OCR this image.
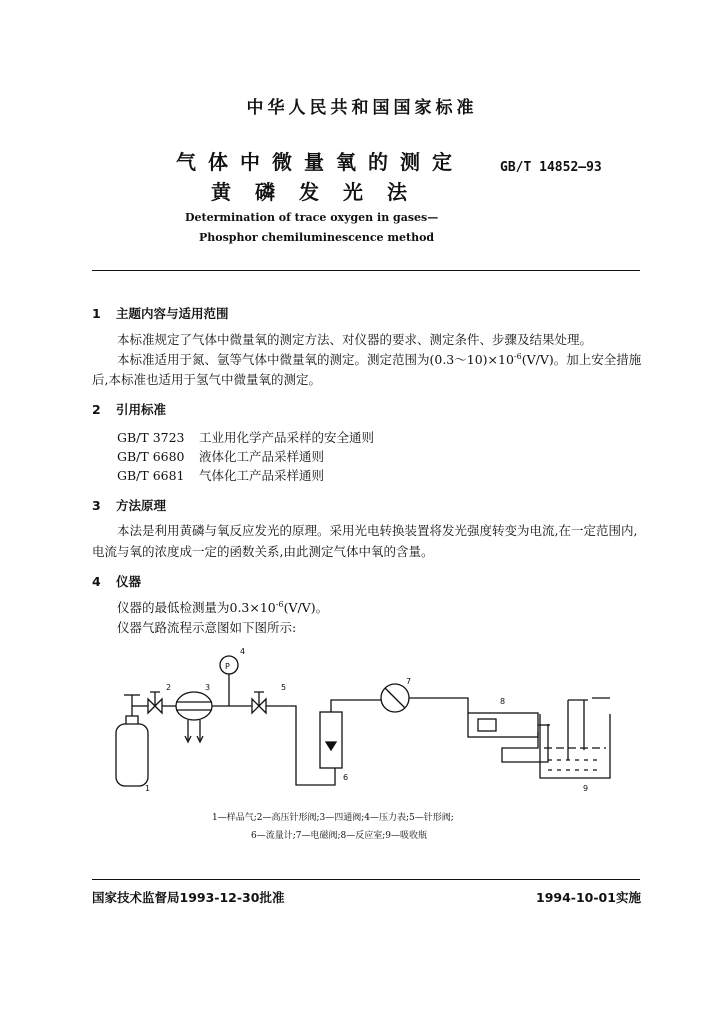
中华人民共和国国家标准
气体中微量氧的测定
黄磷发光法
GB/T 14852—93
Determination of trace oxygen in gases—
Phosphor chemiluminescence method
1 主题内容与适用范围
本标准规定了气体中微量氧的测定方法、对仪器的要求、测定条件、步骤及结果处理。
本标准适用于氮、氩等气体中微量氧的测定。测定范围为$(0.3\sim 10)\times 10^{-6}(V/V)$。加上安全措施
后,本标准也适用于氢气中微量氧的测定。
2 引用标准
GB/T 3723 工业用化学产品采样的安全通则
GB/T 6680 液体化工产品采样通则
GB/T 6681 气体化工产品采样通则
3 方法原理
本法是利用黄磷与氧反应发光的原理。采用光电转换装置将发光强度转变为电流,在一定范围内,
电流与氧的浓度成一定的函数关系,由此测定气体中氧的含量。
4 仪器
仪器的最低检测量为$0.3\times 10^{-6}(V/V)$。
仪器气路流程示意图如下图所示:
1
2	3
4
5
6
7
8
9
P
1—样品气;2—高压针形阀;3—四通阀;4—压力表;5—针形阀;
6—流量计;7—电磁阀;8—反应室;9—吸收瓶
国家技术监督局1993-12-30批准	1994-10-01实施
